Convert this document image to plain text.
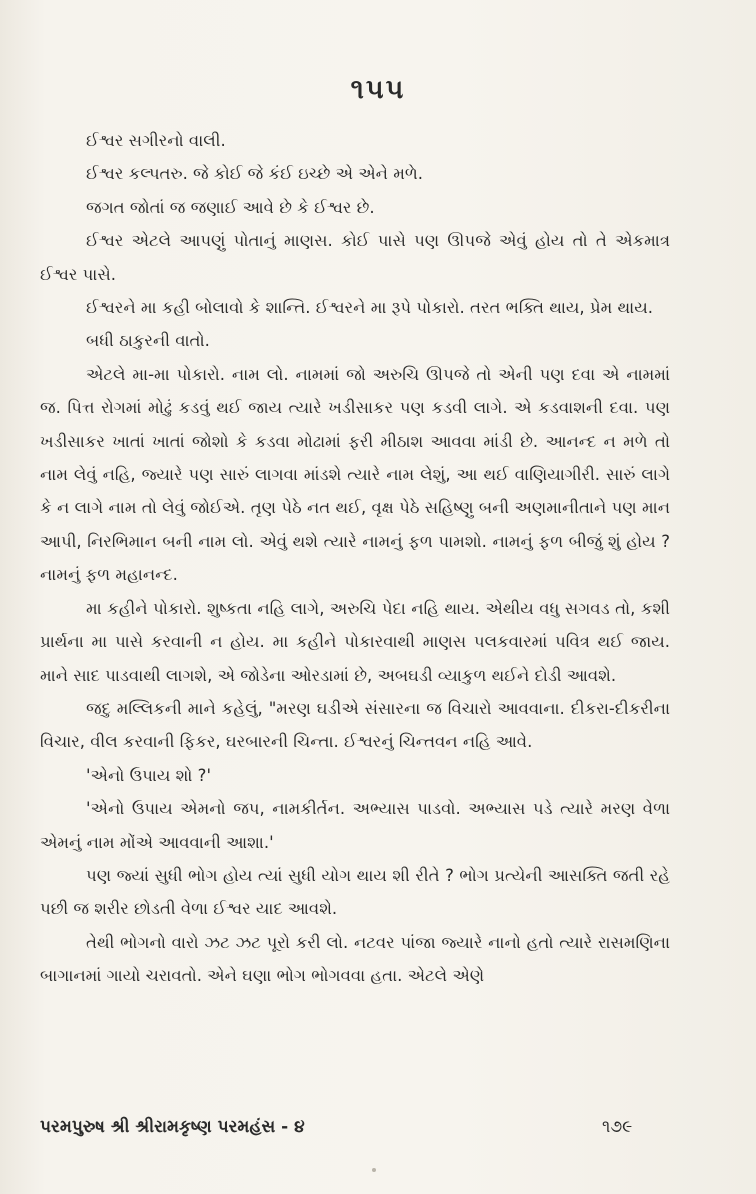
૧૫૫

ઈશ્વર સગીરનો વાલી.

ઈશ્વર કલ્પતરુ. જે કોઈ જે કંઈ ઇચ્છે એ એને મળે.

જગત જોતાં જ જણાઈ આવે છે કે ઈશ્વર છે.

ઈશ્વર એટલે આપણું પોતાનું માણસ. કોઈ પાસે પણ ઊપજે એવું હોય તો તે એકમાત્ર ઈશ્વર પાસે.

ઈશ્વરને મા કહી બોલાવો કે શાન્તિ. ઈશ્વરને મા રૂપે પોકારો. તરત ભક્તિ થાય, પ્રેમ થાય.

બધી ઠાકુરની વાતો.

એટલે મા-મા પોકારો. નામ લો. નામમાં જો અરુચિ ઊપજે તો એની પણ દવા એ નામમાં જ. પિત્ત રોગમાં મોઢું કડવું થઈ જાય ત્યારે ખડીસાકર પણ કડવી લાગે. એ કડવાશની દવા. પણ ખડીસાકર ખાતાં ખાતાં જોશો કે કડવા મોઢામાં ફરી મીઠાશ આવવા માંડી છે. આનન્દ ન મળે તો નામ લેવું નહિ, જ્યારે પણ સારું લાગવા માંડશે ત્યારે નામ લેશું, આ થઈ વાણિયાગીરી. સારું લાગે કે ન લાગે નામ તો લેવું જોઈએ. તૃણ પેઠે નત થઈ, વૃક્ષ પેઠે સહિષ્ણુ બની અણમાનીતાને પણ માન આપી, નિરભિમાન બની નામ લો. એવું થશે ત્યારે નામનું ફળ પામશો. નામનું ફળ બીજું શું હોય ? નામનું ફળ મહાનન્દ.

મા કહીને પોકારો. શુષ્કતા નહિ લાગે, અરુચિ પેદા નહિ થાય. એથીય વધુ સગવડ તો, કશી પ્રાર્થના મા પાસે કરવાની ન હોય. મા કહીને પોકારવાથી માણસ પલકવારમાં પવિત્ર થઈ જાય. માને સાદ પાડવાથી લાગશે, એ જોડેના ઓરડામાં છે, અબઘડી વ્યાકુળ થઈને દોડી આવશે.

જદુ મલ્લિકની માને કહેલું, "મરણ ઘડીએ સંસારના જ વિચારો આવવાના. દીકરા-દીકરીના વિચાર, વીલ કરવાની ફિકર, ઘરબારની ચિન્તા. ઈશ્વરનું ચિન્તવન નહિ આવે.

'એનો ઉપાય શો ?'

'એનો ઉપાય એમનો જપ, નામકીર્તન. અભ્યાસ પાડવો. અભ્યાસ પડે ત્યારે મરણ વેળા એમનું નામ મોંએ આવવાની આશા.'

પણ જ્યાં સુધી ભોગ હોય ત્યાં સુધી યોગ થાય શી રીતે ? ભોગ પ્રત્યેની આસક્તિ જતી રહે પછી જ શરીર છોડતી વેળા ઈશ્વર યાદ આવશે.

તેથી ભોગનો વારો ઝટ ઝટ પૂરો કરી લો. નટવર પાંજા જ્યારે નાનો હતો ત્યારે રાસમણિના બાગાનમાં ગાયો ચરાવતો. એને ઘણા ભોગ ભોગવવા હતા. એટલે એણે

પરમપુરુષ શ્રી શ્રીરામકૃષ્ણ પરમહંસ - ૪	૧૭૯
